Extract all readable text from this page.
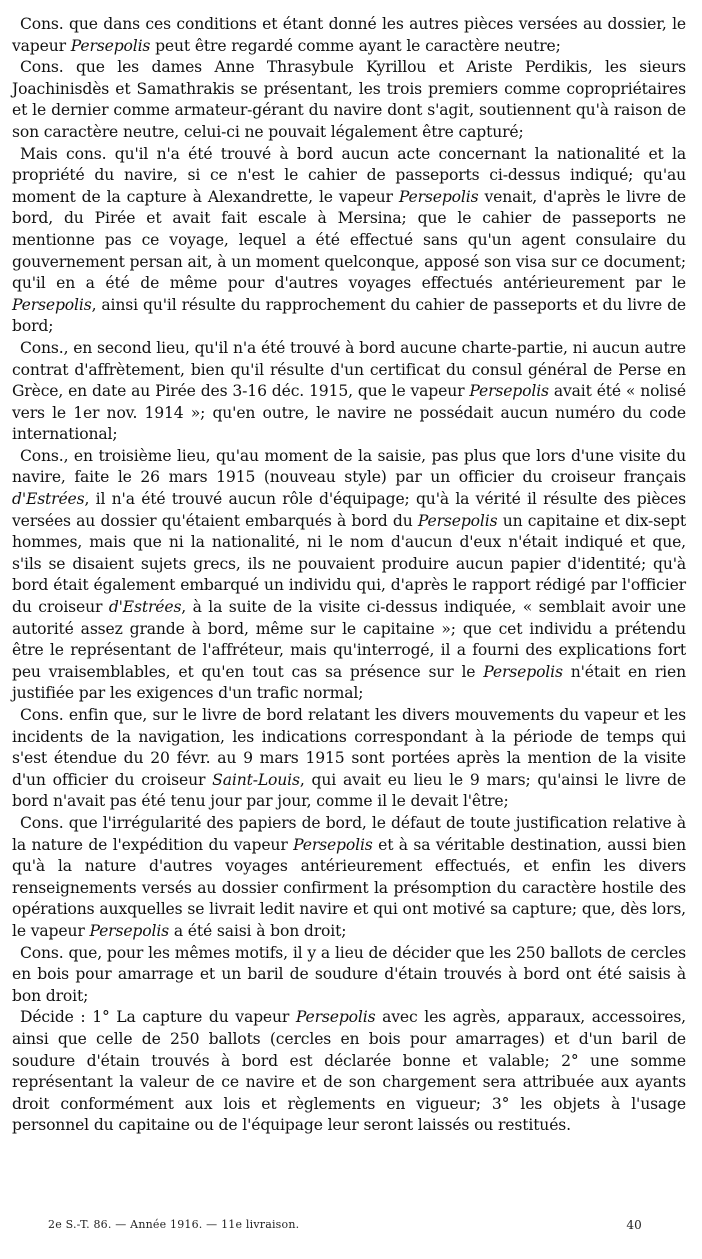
Cons. que dans ces conditions et étant donné les autres pièces versées au dossier, le vapeur Persepolis peut être regardé comme ayant le caractère neutre;

Cons. que les dames Anne Thrasybule Kyrillou et Ariste Perdikis, les sieurs Joachinisdès et Samathrakis se présentant, les trois premiers comme copropriétaires et le dernier comme armateur-gérant du navire dont s'agit, soutiennent qu'à raison de son caractère neutre, celui-ci ne pouvait légalement être capturé;

Mais cons. qu'il n'a été trouvé à bord aucun acte concernant la nationalité et la propriété du navire, si ce n'est le cahier de passeports ci-dessus indiqué; qu'au moment de la capture à Alexandrette, le vapeur Persepolis venait, d'après le livre de bord, du Pirée et avait fait escale à Mersina; que le cahier de passeports ne mentionne pas ce voyage, lequel a été effectué sans qu'un agent consulaire du gouvernement persan ait, à un moment quelconque, apposé son visa sur ce document; qu'il en a été de même pour d'autres voyages effectués antérieurement par le Persepolis, ainsi qu'il résulte du rapprochement du cahier de passeports et du livre de bord;

Cons., en second lieu, qu'il n'a été trouvé à bord aucune charte-partie, ni aucun autre contrat d'affrètement, bien qu'il résulte d'un certificat du consul général de Perse en Grèce, en date au Pirée des 3-16 déc. 1915, que le vapeur Persepolis avait été « nolisé vers le 1er nov. 1914 »; qu'en outre, le navire ne possédait aucun numéro du code international;

Cons., en troisième lieu, qu'au moment de la saisie, pas plus que lors d'une visite du navire, faite le 26 mars 1915 (nouveau style) par un officier du croiseur français d'Estrées, il n'a été trouvé aucun rôle d'équipage; qu'à la vérité il résulte des pièces versées au dossier qu'étaient embarqués à bord du Persepolis un capitaine et dix-sept hommes, mais que ni la nationalité, ni le nom d'aucun d'eux n'était indiqué et que, s'ils se disaient sujets grecs, ils ne pouvaient produire aucun papier d'identité; qu'à bord était également embarqué un individu qui, d'après le rapport rédigé par l'officier du croiseur d'Estrées, à la suite de la visite ci-dessus indiquée, « semblait avoir une autorité assez grande à bord, même sur le capitaine »; que cet individu a prétendu être le représentant de l'affréteur, mais qu'interrogé, il a fourni des explications fort peu vraisemblables, et qu'en tout cas sa présence sur le Persepolis n'était en rien justifiée par les exigences d'un trafic normal;

Cons. enfin que, sur le livre de bord relatant les divers mouvements du vapeur et les incidents de la navigation, les indications correspondant à la période de temps qui s'est étendue du 20 févr. au 9 mars 1915 sont portées après la mention de la visite d'un officier du croiseur Saint-Louis, qui avait eu lieu le 9 mars; qu'ainsi le livre de bord n'avait pas été tenu jour par jour, comme il le devait l'être;

Cons. que l'irrégularité des papiers de bord, le défaut de toute justification relative à la nature de l'expédition du vapeur Persepolis et à sa véritable destination, aussi bien qu'à la nature d'autres voyages antérieurement effectués, et enfin les divers renseignements versés au dossier confirment la présomption du caractère hostile des opérations auxquelles se livrait ledit navire et qui ont motivé sa capture; que, dès lors, le vapeur Persepolis a été saisi à bon droit;

Cons. que, pour les mêmes motifs, il y a lieu de décider que les 250 ballots de cercles en bois pour amarrage et un baril de soudure d'étain trouvés à bord ont été saisis à bon droit;

Décide : 1° La capture du vapeur Persepolis avec les agrès, apparaux, accessoires, ainsi que celle de 250 ballots (cercles en bois pour amarrages) et d'un baril de soudure d'étain trouvés à bord est déclarée bonne et valable; 2° une somme représentant la valeur de ce navire et de son chargement sera attribuée aux ayants droit conformément aux lois et règlements en vigueur; 3° les objets à l'usage personnel du capitaine ou de l'équipage leur seront laissés ou restitués.

2e S.-T. 86. — Année 1916. — 11e livraison.	40
